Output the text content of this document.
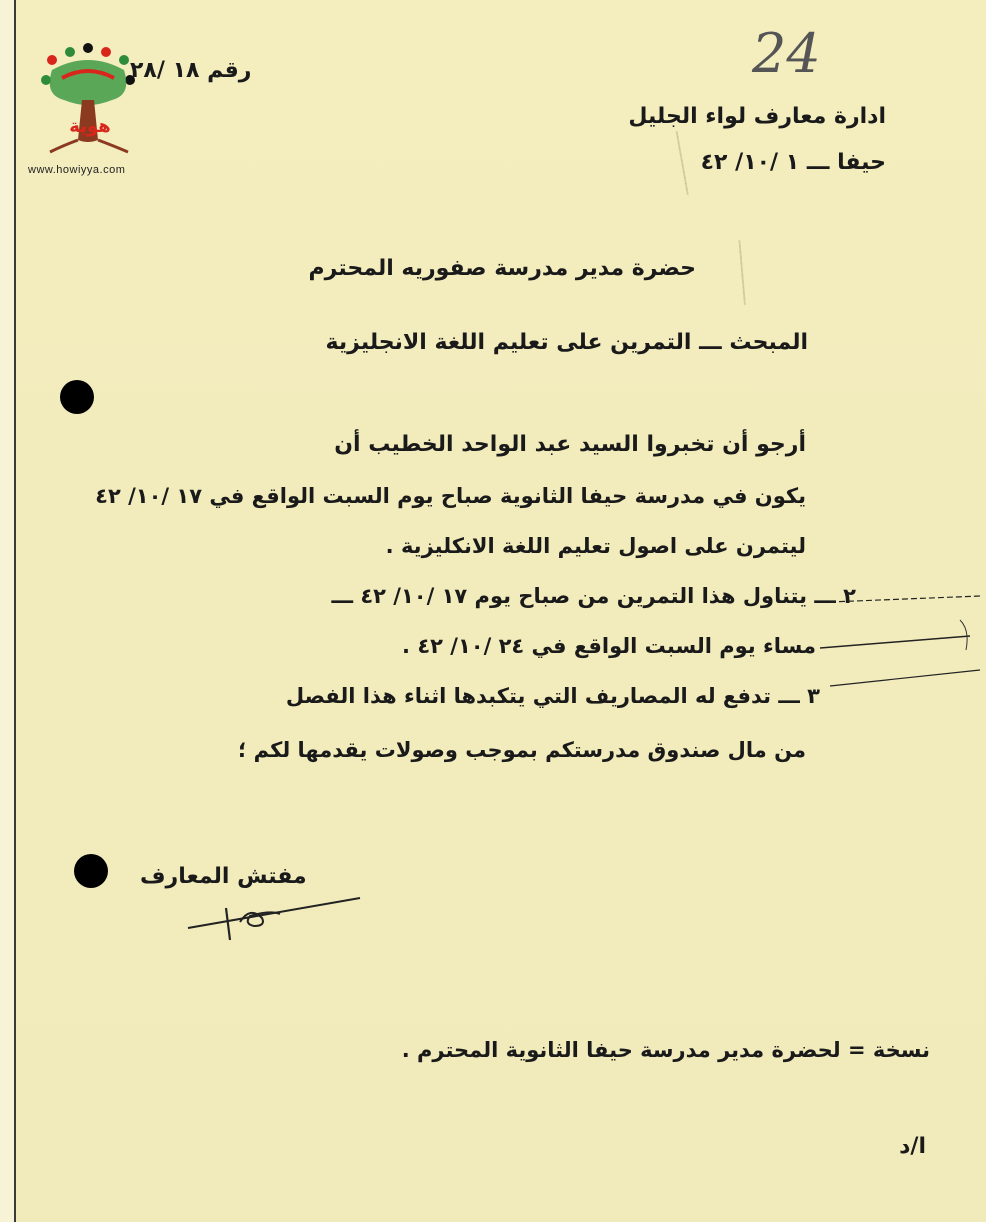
ـــــــــــ
ـــــــــــ
هوية
www.howiyya.com
24
رقم ١٨ /٢٨
ادارة معارف لواء الجليل
حيفا ـــ ١ /١٠/ ٤٢
حضرة مدير مدرسة صفوريه المحترم
المبحث ـــ التمرين على تعليم اللغة الانجليزية
أرجو أن تخبروا السيد عبد الواحد الخطيب أن
يكون في مدرسة حيفا الثانوية صباح يوم السبت الواقع في ١٧ /١٠/ ٤٢
ليتمرن على اصول تعليم اللغة الانكليزية .
٢ ـــ يتناول هذا التمرين من صباح يوم ١٧ /١٠/ ٤٢ ـــ
مساء يوم السبت الواقع في ٢٤ /١٠/ ٤٢ .
٣ ـــ تدفع له المصاريف التي يتكبدها اثناء هذا الفصل
من مال صندوق مدرستكم بموجب وصولات يقدمها لكم ؛
مفتش المعارف
نسخة = لحضرة مدير مدرسة حيفا الثانوية المحترم .
ا/د
